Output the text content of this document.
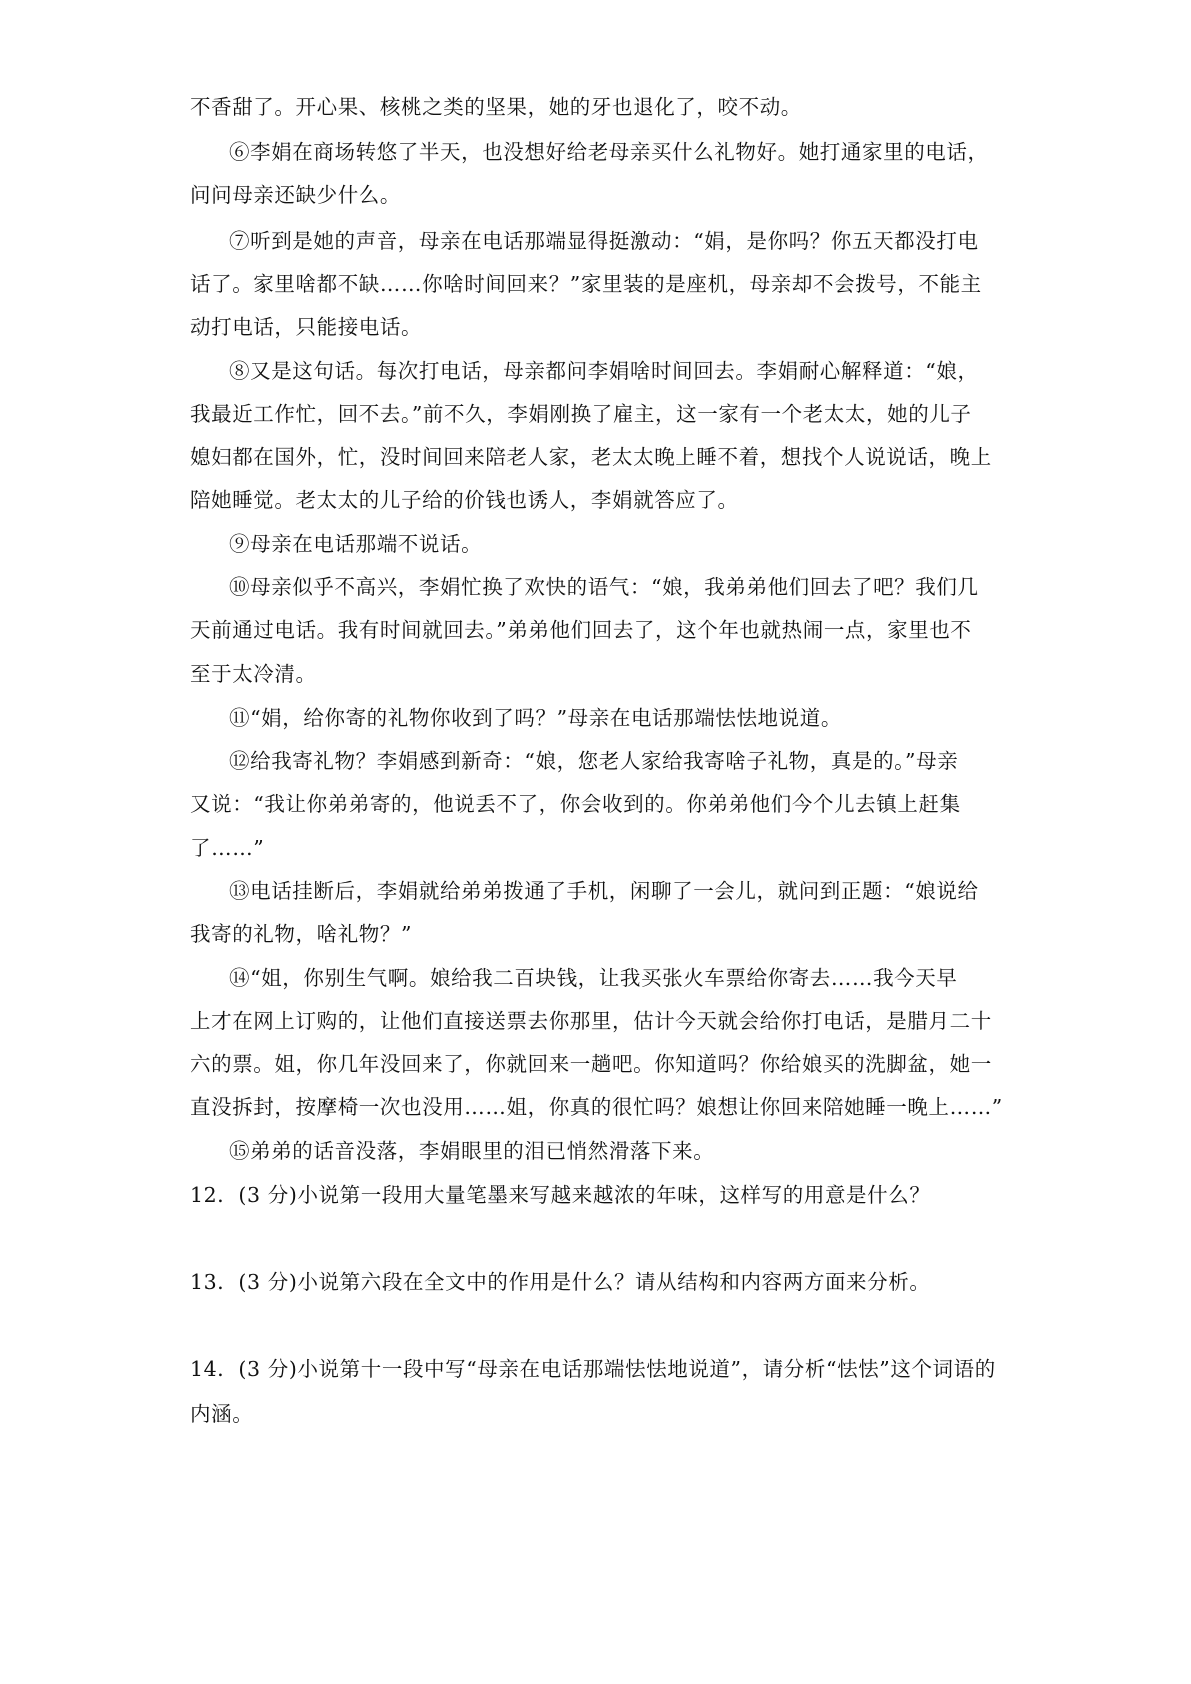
不香甜了。开心果、核桃之类的坚果，她的牙也退化了，咬不动。

⑥李娟在商场转悠了半天，也没想好给老母亲买什么礼物好。她打通家里的电话，

问问母亲还缺少什么。

⑦听到是她的声音，母亲在电话那端显得挺激动：“娟，是你吗？你五天都没打电

话了。家里啥都不缺……你啥时间回来？”家里装的是座机，母亲却不会拨号，不能主

动打电话，只能接电话。

⑧又是这句话。每次打电话，母亲都问李娟啥时间回去。李娟耐心解释道：“娘，

我最近工作忙，回不去。”前不久，李娟刚换了雇主，这一家有一个老太太，她的儿子

媳妇都在国外，忙，没时间回来陪老人家，老太太晚上睡不着，想找个人说说话，晚上

陪她睡觉。老太太的儿子给的价钱也诱人，李娟就答应了。

⑨母亲在电话那端不说话。

⑩母亲似乎不高兴，李娟忙换了欢快的语气：“娘，我弟弟他们回去了吧？我们几

天前通过电话。我有时间就回去。”弟弟他们回去了，这个年也就热闹一点，家里也不

至于太冷清。

⑪“娟，给你寄的礼物你收到了吗？”母亲在电话那端怯怯地说道。

⑫给我寄礼物？李娟感到新奇：“娘，您老人家给我寄啥子礼物，真是的。”母亲

又说：“我让你弟弟寄的，他说丢不了，你会收到的。你弟弟他们今个儿去镇上赶集

了……”

⑬电话挂断后，李娟就给弟弟拨通了手机，闲聊了一会儿，就问到正题：“娘说给

我寄的礼物，啥礼物？”

⑭“姐，你别生气啊。娘给我二百块钱，让我买张火车票给你寄去……我今天早

上才在网上订购的，让他们直接送票去你那里，估计今天就会给你打电话，是腊月二十

六的票。姐，你几年没回来了，你就回来一趟吧。你知道吗？你给娘买的洗脚盆，她一

直没拆封，按摩椅一次也没用……姐，你真的很忙吗？娘想让你回来陪她睡一晚上……”

⑮弟弟的话音没落，李娟眼里的泪已悄然滑落下来。

12．(3 分)小说第一段用大量笔墨来写越来越浓的年味，这样写的用意是什么？

13．(3 分)小说第六段在全文中的作用是什么？请从结构和内容两方面来分析。

14．(3 分)小说第十一段中写“母亲在电话那端怯怯地说道”，请分析“怯怯”这个词语的

内涵。
